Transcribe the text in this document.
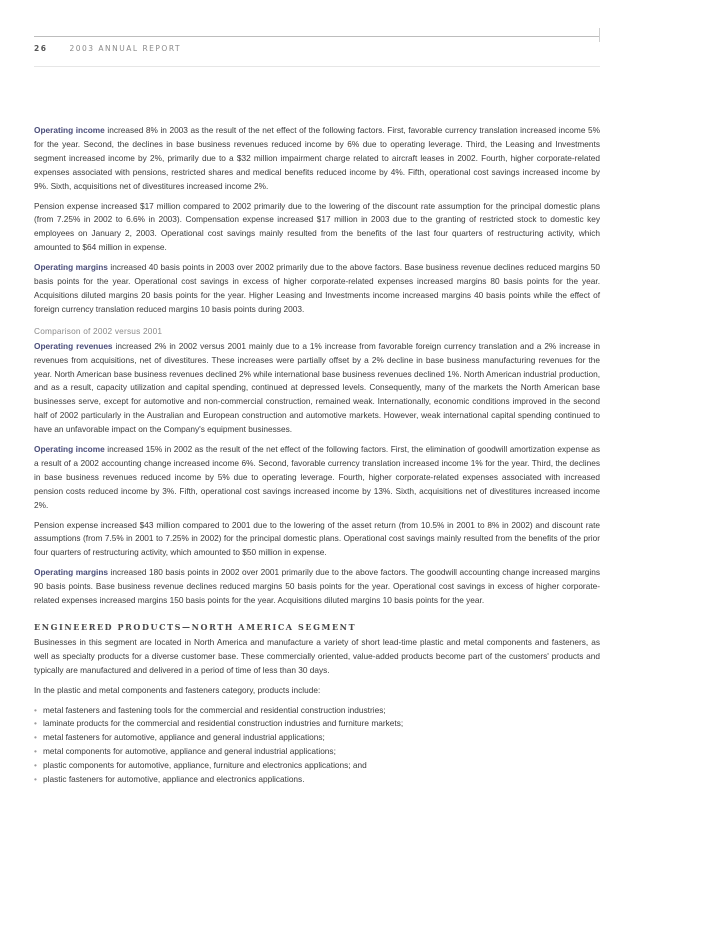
26	2003 ANNUAL REPORT

Operating income increased 8% in 2003 as the result of the net effect of the following factors. First, favorable currency translation increased income 5% for the year. Second, the declines in base business revenues reduced income by 6% due to operating leverage. Third, the Leasing and Investments segment increased income by 2%, primarily due to a $32 million impairment charge related to aircraft leases in 2002. Fourth, higher corporate-related expenses associated with pensions, restricted shares and medical benefits reduced income by 4%. Fifth, operational cost savings increased income by 9%. Sixth, acquisitions net of divestitures increased income 2%.

Pension expense increased $17 million compared to 2002 primarily due to the lowering of the discount rate assumption for the principal domestic plans (from 7.25% in 2002 to 6.6% in 2003). Compensation expense increased $17 million in 2003 due to the granting of restricted stock to domestic key employees on January 2, 2003. Operational cost savings mainly resulted from the benefits of the last four quarters of restructuring activity, which amounted to $64 million in expense.

Operating margins increased 40 basis points in 2003 over 2002 primarily due to the above factors. Base business revenue declines reduced margins 50 basis points for the year. Operational cost savings in excess of higher corporate-related expenses increased margins 80 basis points for the year. Acquisitions diluted margins 20 basis points for the year. Higher Leasing and Investments income increased margins 40 basis points while the effect of foreign currency translation reduced margins 10 basis points during 2003.

Comparison of 2002 versus 2001

Operating revenues increased 2% in 2002 versus 2001 mainly due to a 1% increase from favorable foreign currency translation and a 2% increase in revenues from acquisitions, net of divestitures. These increases were partially offset by a 2% decline in base business manufacturing revenues for the year. North American base business revenues declined 2% while international base business revenues declined 1%. North American industrial production, and as a result, capacity utilization and capital spending, continued at depressed levels. Consequently, many of the markets the North American base businesses serve, except for automotive and non-commercial construction, remained weak. Internationally, economic conditions improved in the second half of 2002 particularly in the Australian and European construction and automotive markets. However, weak international capital spending continued to have an unfavorable impact on the Company's equipment businesses.

Operating income increased 15% in 2002 as the result of the net effect of the following factors. First, the elimination of goodwill amortization expense as a result of a 2002 accounting change increased income 6%. Second, favorable currency translation increased income 1% for the year. Third, the declines in base business revenues reduced income by 5% due to operating leverage. Fourth, higher corporate-related expenses associated with increased pension costs reduced income by 3%. Fifth, operational cost savings increased income by 13%. Sixth, acquisitions net of divestitures increased income 2%.

Pension expense increased $43 million compared to 2001 due to the lowering of the asset return (from 10.5% in 2001 to 8% in 2002) and discount rate assumptions (from 7.5% in 2001 to 7.25% in 2002) for the principal domestic plans. Operational cost savings mainly resulted from the benefits of the prior four quarters of restructuring activity, which amounted to $50 million in expense.

Operating margins increased 180 basis points in 2002 over 2001 primarily due to the above factors. The goodwill accounting change increased margins 90 basis points. Base business revenue declines reduced margins 50 basis points for the year. Operational cost savings in excess of higher corporate-related expenses increased margins 150 basis points for the year. Acquisitions diluted margins 10 basis points for the year.

ENGINEERED PRODUCTS—NORTH AMERICA SEGMENT

Businesses in this segment are located in North America and manufacture a variety of short lead-time plastic and metal components and fasteners, as well as specialty products for a diverse customer base. These commercially oriented, value-added products become part of the customers' products and typically are manufactured and delivered in a period of time of less than 30 days.

In the plastic and metal components and fasteners category, products include:

• metal fasteners and fastening tools for the commercial and residential construction industries;
• laminate products for the commercial and residential construction industries and furniture markets;
• metal fasteners for automotive, appliance and general industrial applications;
• metal components for automotive, appliance and general industrial applications;
• plastic components for automotive, appliance, furniture and electronics applications; and
• plastic fasteners for automotive, appliance and electronics applications.
